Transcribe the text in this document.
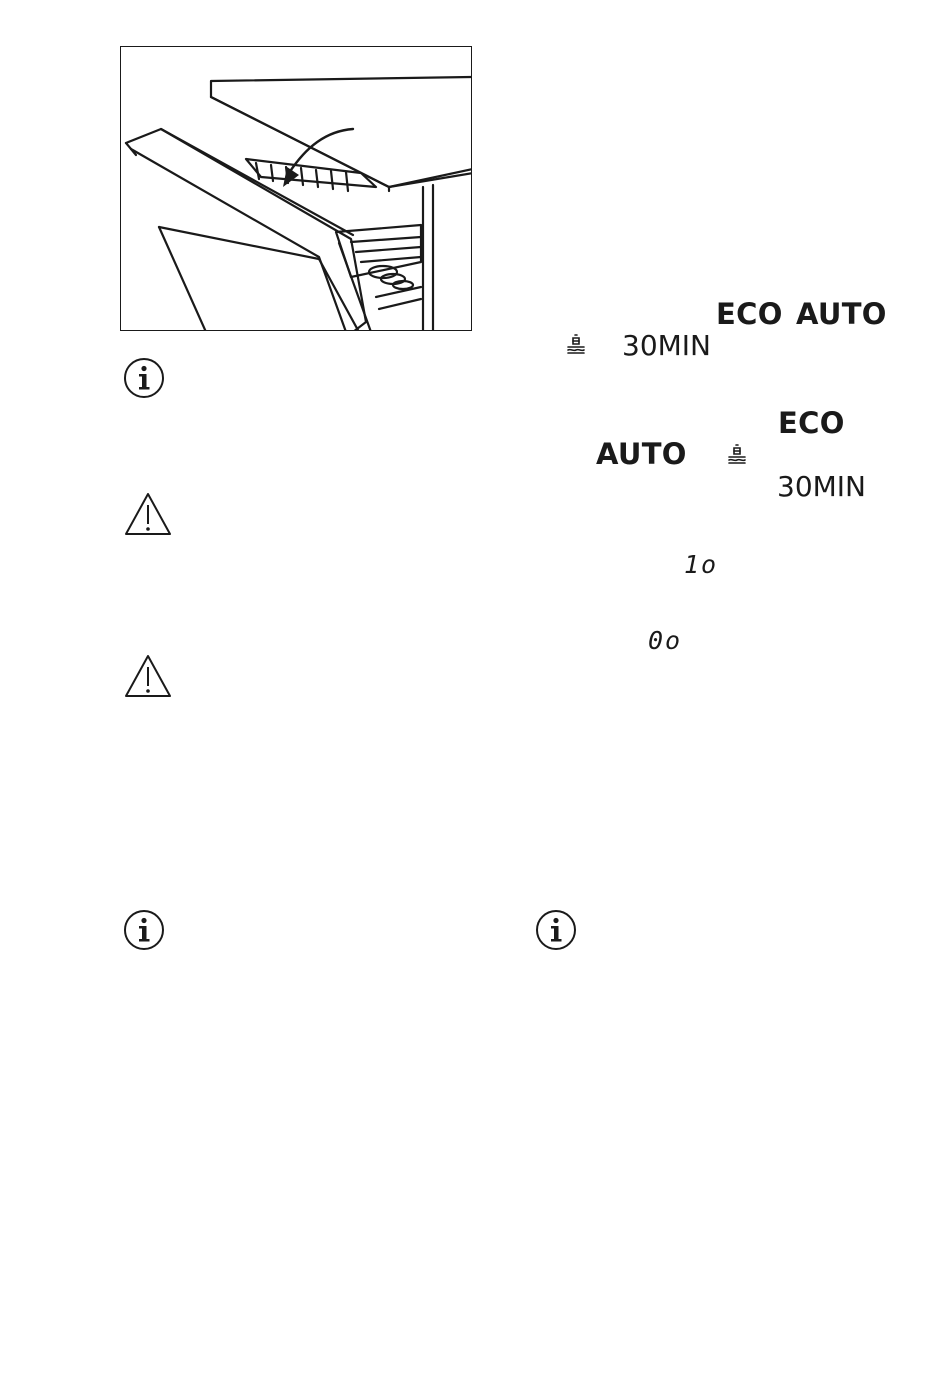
ECO AUTO
30MIN
ECO
AUTO
30MIN
1o
0o
